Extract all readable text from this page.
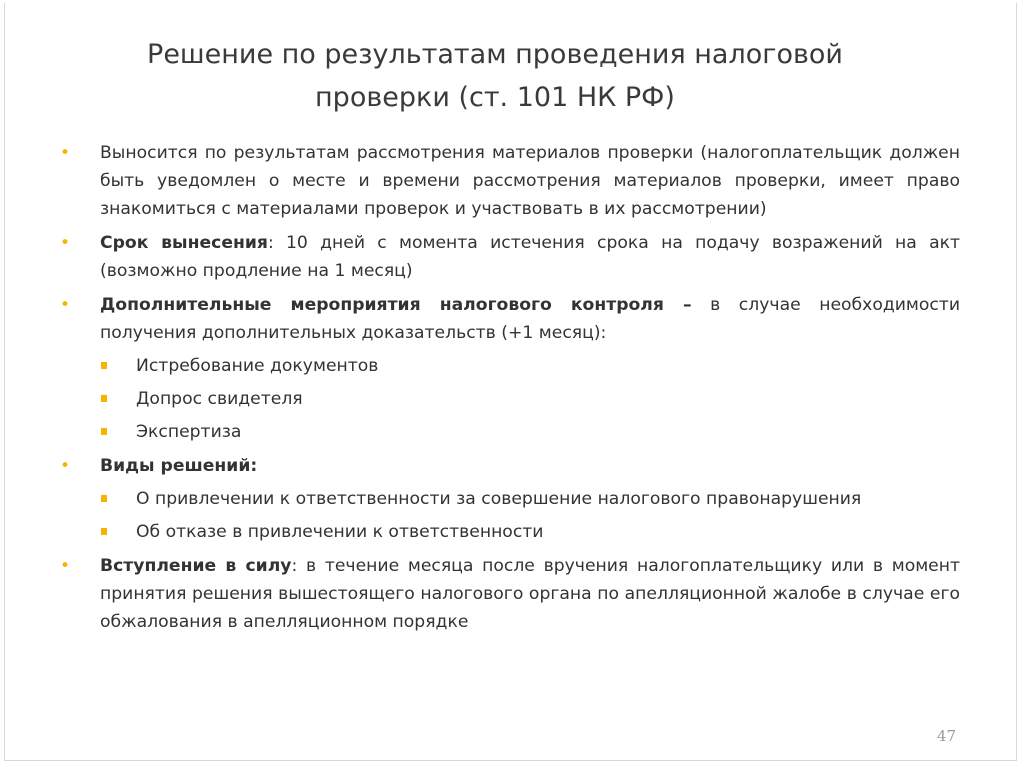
Решение по результатам проведения налоговой
проверки (ст. 101 НК РФ)
• Выносится по результатам рассмотрения материалов проверки (налогоплательщик должен быть уведомлен о месте и времени рассмотрения материалов проверки, имеет право знакомиться с материалами проверок и участвовать в их рассмотрении)
• Срок вынесения: 10 дней с момента истечения срока на подачу возражений на акт (возможно продление на 1 месяц)
• Дополнительные мероприятия налогового контроля – в случае необходимости получения дополнительных доказательств (+1 месяц):
Истребование документов
Допрос свидетеля
Экспертиза
• Виды решений:
О привлечении к ответственности за совершение налогового правонарушения
Об отказе в привлечении к ответственности
• Вступление в силу: в течение месяца после вручения налогоплательщику или в момент принятия решения вышестоящего налогового органа по апелляционной жалобе в случае его обжалования в апелляционном порядке
47
